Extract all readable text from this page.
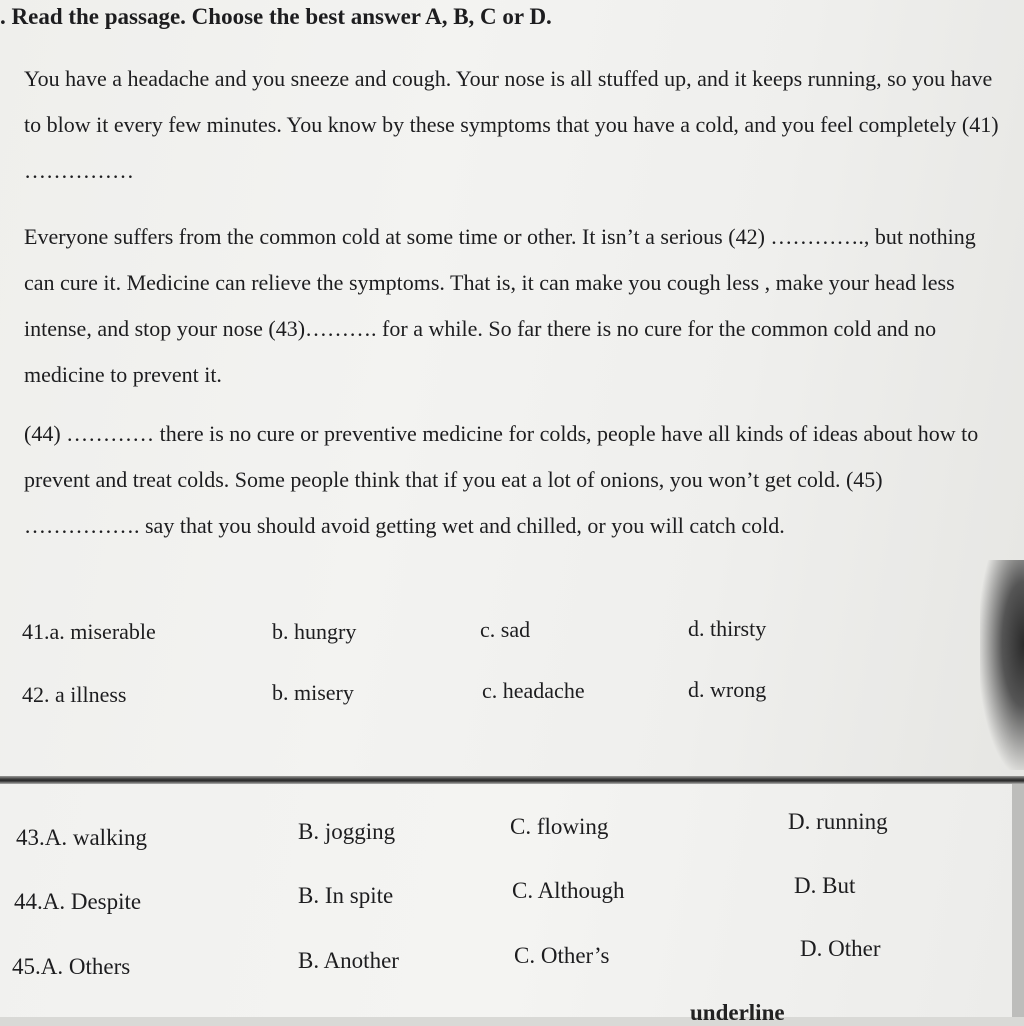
. Read the passage. Choose the best answer A, B, C or D.

You have a headache and you sneeze and cough. Your nose is all stuffed up, and it keeps running, so you have to blow it every few minutes. You know by these symptoms that you have a cold, and you feel completely (41) ……………

Everyone suffers from the common cold at some time or other. It isn’t a serious (42) …………., but nothing can cure it. Medicine can relieve the symptoms. That is, it can make you cough less , make your head less intense, and stop your nose (43)………. for a while. So far there is no cure for the common cold and no medicine to prevent it.

(44) ………… there is no cure or preventive medicine for colds, people have all kinds of ideas about how to prevent and treat colds. Some people think that if you eat a lot of onions, you won’t get cold. (45) ……………. say that you should avoid getting wet and chilled, or you will catch cold.

41.a. miserable	b. hungry	c. sad	d. thirsty
42. a illness	b. misery	c. headache	d. wrong
43.A. walking	B. jogging	C. flowing	D. running
44.A. Despite	B. In spite	C. Although	D. But
45.A. Others	B. Another	C. Other’s	D. Other
underline
